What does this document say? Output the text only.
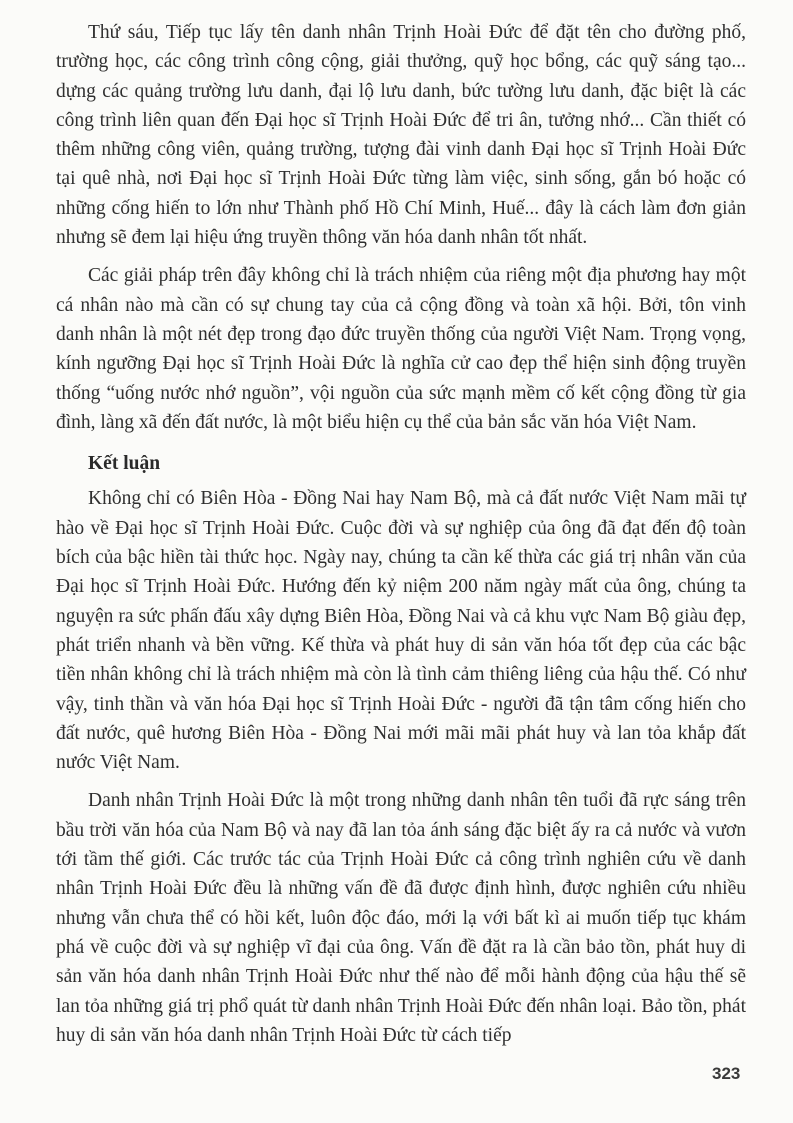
Thứ sáu, Tiếp tục lấy tên danh nhân Trịnh Hoài Đức để đặt tên cho đường phố, trường học, các công trình công cộng, giải thưởng, quỹ học bổng, các quỹ sáng tạo... dựng các quảng trường lưu danh, đại lộ lưu danh, bức tường lưu danh, đặc biệt là các công trình liên quan đến Đại học sĩ Trịnh Hoài Đức để tri ân, tưởng nhớ... Cần thiết có thêm những công viên, quảng trường, tượng đài vinh danh Đại học sĩ Trịnh Hoài Đức tại quê nhà, nơi Đại học sĩ Trịnh Hoài Đức từng làm việc, sinh sống, gắn bó hoặc có những cống hiến to lớn như Thành phố Hồ Chí Minh, Huế... đây là cách làm đơn giản nhưng sẽ đem lại hiệu ứng truyền thông văn hóa danh nhân tốt nhất.

Các giải pháp trên đây không chỉ là trách nhiệm của riêng một địa phương hay một cá nhân nào mà cần có sự chung tay của cả cộng đồng và toàn xã hội. Bởi, tôn vinh danh nhân là một nét đẹp trong đạo đức truyền thống của người Việt Nam. Trọng vọng, kính ngưỡng Đại học sĩ Trịnh Hoài Đức là nghĩa cử cao đẹp thể hiện sinh động truyền thống “uống nước nhớ nguồn”, vội nguồn của sức mạnh mềm cố kết cộng đồng từ gia đình, làng xã đến đất nước, là một biểu hiện cụ thể của bản sắc văn hóa Việt Nam.

Kết luận

Không chỉ có Biên Hòa - Đồng Nai hay Nam Bộ, mà cả đất nước Việt Nam mãi tự hào về Đại học sĩ Trịnh Hoài Đức. Cuộc đời và sự nghiệp của ông đã đạt đến độ toàn bích của bậc hiền tài thức học. Ngày nay, chúng ta cần kế thừa các giá trị nhân văn của Đại học sĩ Trịnh Hoài Đức. Hướng đến kỷ niệm 200 năm ngày mất của ông, chúng ta nguyện ra sức phấn đấu xây dựng Biên Hòa, Đồng Nai và cả khu vực Nam Bộ giàu đẹp, phát triển nhanh và bền vững. Kế thừa và phát huy di sản văn hóa tốt đẹp của các bậc tiền nhân không chỉ là trách nhiệm mà còn là tình cảm thiêng liêng của hậu thế. Có như vậy, tinh thần và văn hóa Đại học sĩ Trịnh Hoài Đức - người đã tận tâm cống hiến cho đất nước, quê hương Biên Hòa - Đồng Nai mới mãi mãi phát huy và lan tỏa khắp đất nước Việt Nam.

Danh nhân Trịnh Hoài Đức là một trong những danh nhân tên tuổi đã rực sáng trên bầu trời văn hóa của Nam Bộ và nay đã lan tỏa ánh sáng đặc biệt ấy ra cả nước và vươn tới tầm thế giới. Các trước tác của Trịnh Hoài Đức cả công trình nghiên cứu về danh nhân Trịnh Hoài Đức đều là những vấn đề đã được định hình, được nghiên cứu nhiều nhưng vẫn chưa thể có hồi kết, luôn độc đáo, mới lạ với bất kì ai muốn tiếp tục khám phá về cuộc đời và sự nghiệp vĩ đại của ông. Vấn đề đặt ra là cần bảo tồn, phát huy di sản văn hóa danh nhân Trịnh Hoài Đức như thế nào để mỗi hành động của hậu thế sẽ lan tỏa những giá trị phổ quát từ danh nhân Trịnh Hoài Đức đến nhân loại. Bảo tồn, phát huy di sản văn hóa danh nhân Trịnh Hoài Đức từ cách tiếp

323
